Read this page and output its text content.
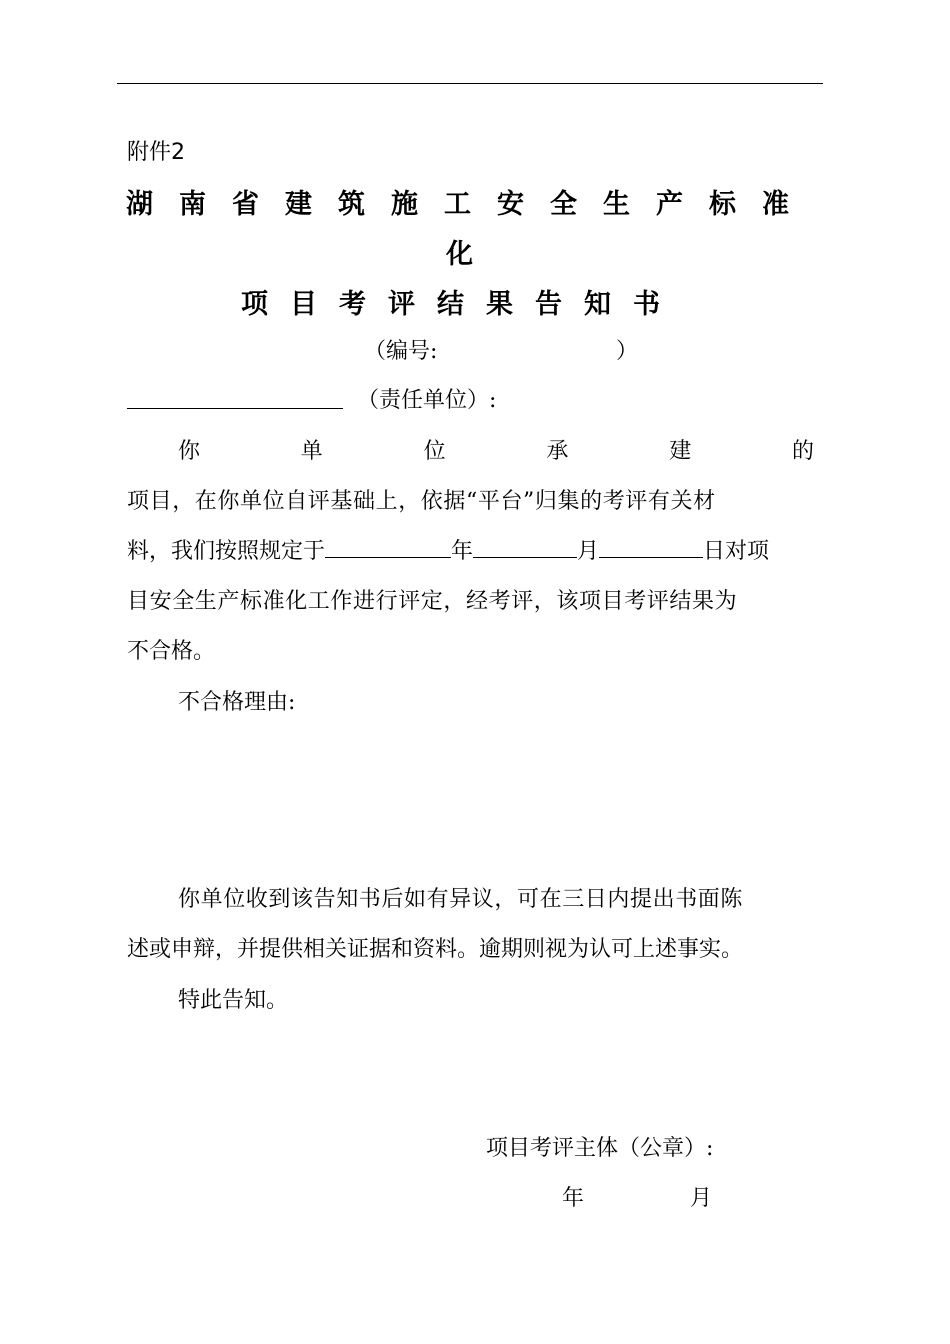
附件2
湖南省建筑施工安全生产标准
化
项目考评结果告知书
（编号:	）
（责任单位）:
你	单	位	承	建	的
项目，在你单位自评基础上，依据“平台”归集的考评有关材
料，我们按照规定于	年	月	日对项
目安全生产标准化工作进行评定，经考评，该项目考评结果为
不合格。
不合格理由:
你单位收到该告知书后如有异议，可在三日内提出书面陈
述或申辩，并提供相关证据和资料。逾期则视为认可上述事实。
特此告知。
项目考评主体（公章）:
年	月
